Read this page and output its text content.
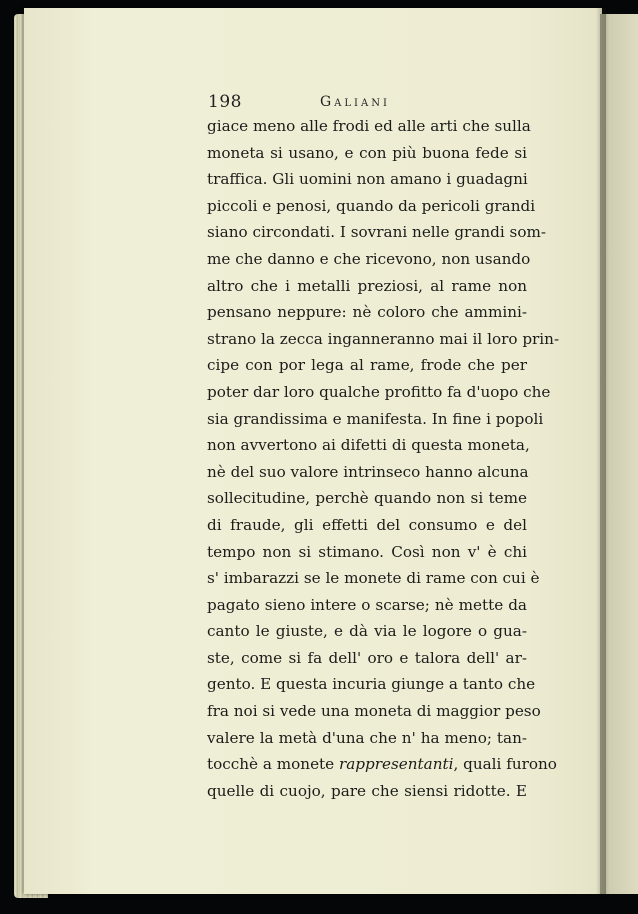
198	Galiani
giace meno alle frodi ed alle arti che sulla
moneta si usano, e con più buona fede si
traffica. Gli uomini non amano i guadagni
piccoli e penosi, quando da pericoli grandi
siano circondati. I sovrani nelle grandi som-
me che danno e che ricevono, non usando
altro che i metalli preziosi, al rame non
pensano neppure: nè coloro che ammini-
strano la zecca inganneranno mai il loro prin-
cipe con por lega al rame, frode che per
poter dar loro qualche profitto fa d'uopo che
sia grandissima e manifesta. In fine i popoli
non avvertono ai difetti di questa moneta,
nè del suo valore intrinseco hanno alcuna
sollecitudine, perchè quando non si teme
di fraude, gli effetti del consumo e del
tempo non si stimano. Così non v' è chi
s' imbarazzi se le monete di rame con cui è
pagato sieno intere o scarse; nè mette da
canto le giuste, e dà via le logore o gua-
ste, come si fa dell' oro e talora dell' ar-
gento. E questa incuria giunge a tanto che
fra noi si vede una moneta di maggior peso
valere la metà d'una che n' ha meno; tan-
tocchè a monete rappresentanti, quali furono
quelle di cuojo, pare che siensi ridotte. E
